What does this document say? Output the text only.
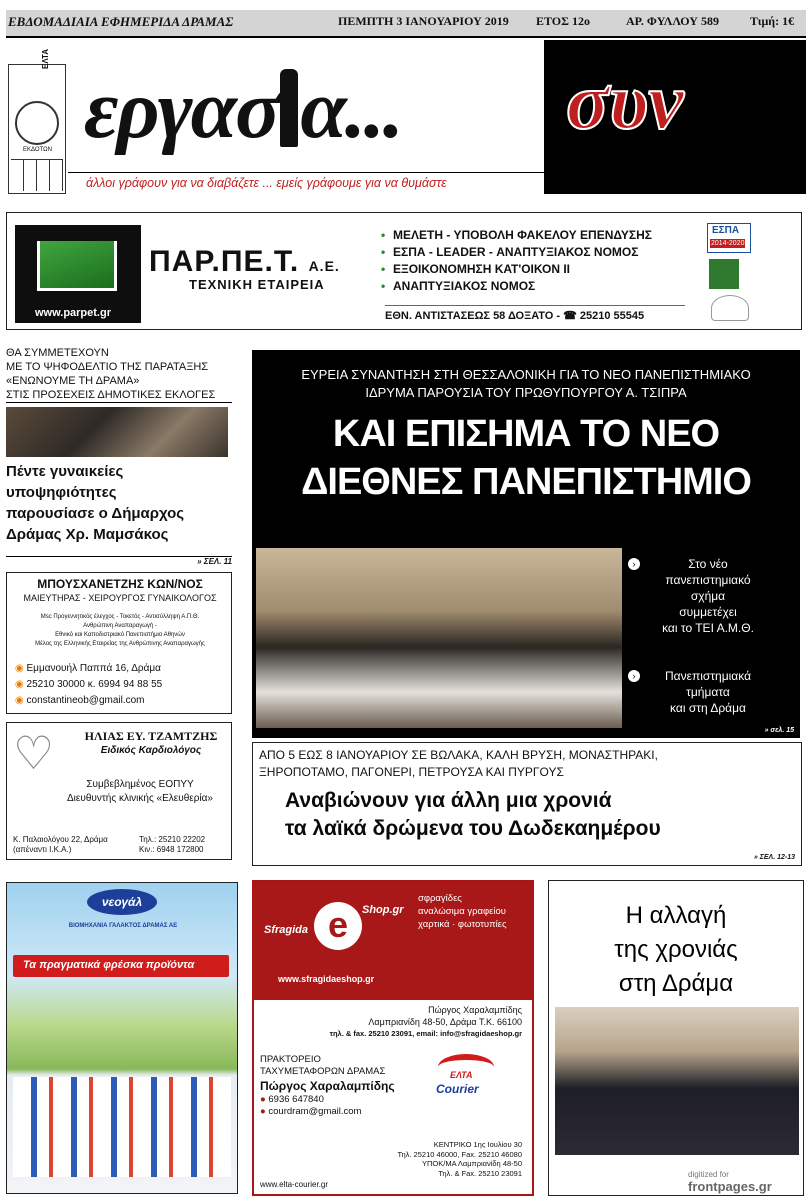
ΕΒΔΟΜΑΔΙΑΙΑ ΕΦΗΜΕΡΙΔΑ ΔΡΑΜΑΣ	ΠΕΜΠΤΗ 3 ΙΑΝΟΥΑΡΙΟΥ 2019 ΕΤΟΣ 12ο	ΑΡ. ΦΥΛΛΟΥ 589	Τιμή: 1€
ΕΛΤΑ
ΕΚΔΟΤΩΝ εργασ α...	συν
άλλοι γράφουν για να διαβάζετε ... εμείς γράφουμε για να θυμάστε
www.parpet.gr
ΠΑΡ.ΠΕ.Τ. Α.Ε.
ΤΕΧΝΙΚΗ ΕΤΑΙΡΕΙΑ
• ΜΕΛΕΤΗ - ΥΠΟΒΟΛΗ ΦΑΚΕΛΟΥ ΕΠΕΝΔΥΣΗΣ
• ΕΣΠΑ - LEADER - ΑΝΑΠΤΥΞΙΑΚΟΣ ΝΟΜΟΣ
• ΕΞΟΙΚΟΝΟΜΗΣΗ ΚΑΤ'ΟΙΚΟΝ ΙΙ
• ΑΝΑΠΤΥΞΙΑΚΟΣ ΝΟΜΟΣ
ΕΘΝ. ΑΝΤΙΣΤΑΣΕΩΣ 58 ΔΟΞΑΤΟ - ☎ 25210 55545
ΕΣΠΑ
2014-2020
ΘΑ ΣΥΜΜΕΤΕΧΟΥΝ
ΜΕ ΤΟ ΨΗΦΟΔΕΛΤΙΟ ΤΗΣ ΠΑΡΑΤΑΞΗΣ
«ΕΝΩΝΟΥΜΕ ΤΗ ΔΡΑΜΑ»
ΣΤΙΣ ΠΡΟΣΕΧΕΙΣ ΔΗΜΟΤΙΚΕΣ ΕΚΛΟΓΕΣ
Πέντε γυναικείες
υποψηφιότητες
παρουσίασε ο Δήμαρχος
Δράμας Χρ. Μαμσάκος
» ΣΕΛ. 11
ΜΠΟΥΣΧΑΝΕΤΖΗΣ ΚΩΝ/ΝΟΣ
ΜΑΙΕΥΤΗΡΑΣ - ΧΕΙΡΟΥΡΓΟΣ ΓΥΝΑΙΚΟΛΟΓΟΣ
Μsc Προγεννητικός έλεγχος - Τοκετός - Αντισύλληψη Α.Π.Θ.
Ανθρώπινη Αναπαραγωγή -
Εθνικό και Καποδιστριακό Πανεπιστήμιο Αθηνών
Μέλος της Ελληνικής Εταιρείας της Ανθρώπινης Αναπαραγωγής
◉ Εμμανουήλ Παππά 16, Δράμα
◉ 25210 30000 κ. 6994 94 88 55
◉ constantineob@gmail.com
♡	ΗΛΙΑΣ ΕΥ. ΤΖΑΜΤΖΗΣ
Ειδικός Καρδιολόγος
Συμβεβλημένος ΕΟΠΥΥ
Διευθυντής κλινικής «Ελευθερία»
Κ. Παλαιολόγου 22, Δράμα
(απέναντι Ι.Κ.Α.)
Τηλ.: 25210 22202
Κιν.: 6948 172800
ΕΥΡΕΙΑ ΣΥΝΑΝΤΗΣΗ ΣΤΗ ΘΕΣΣΑΛΟΝΙΚΗ ΓΙΑ ΤΟ ΝΕΟ ΠΑΝΕΠΙΣΤΗΜΙΑΚΟ
ΙΔΡΥΜΑ ΠΑΡΟΥΣΙΑ ΤΟΥ ΠΡΩΘΥΠΟΥΡΓΟΥ Α. ΤΣΙΠΡΑ
ΚΑΙ ΕΠΙΣΗΜΑ ΤΟ ΝΕΟ
ΔΙΕΘΝΕΣ ΠΑΝΕΠΙΣΤΗΜΙΟ
›	Στο νέο
πανεπιστημιακό
σχήμα
συμμετέχει
και το ΤΕΙ Α.Μ.Θ.
›	Πανεπιστημιακά
τμήματα
και στη Δράμα
» σελ. 15
ΑΠΟ 5 ΕΩΣ 8 ΙΑΝΟΥΑΡΙΟΥ ΣΕ ΒΩΛΑΚΑ, ΚΑΛΗ ΒΡΥΣΗ, ΜΟΝΑΣΤΗΡΑΚΙ,
ΞΗΡΟΠΟΤΑΜΟ, ΠΑΓΟΝΕΡΙ, ΠΕΤΡΟΥΣΑ ΚΑΙ ΠΥΡΓΟΥΣ
Αναβιώνουν για άλλη μια χρονιά
τα λαϊκά δρώμενα του Δωδεκαημέρου
» ΣΕΛ. 12-13
νεογάλ
ΒΙΟΜΗΧΑΝΙΑ ΓΑΛΑΚΤΟΣ ΔΡΑΜΑΣ ΑΕ
Τα πραγματικά φρέσκα προϊόντα
Sfragida e	Shop.gr
σφραγίδες
αναλώσιμα γραφείου
χαρτικά · φωτοτυπίες
www.sfragidaeshop.gr
Πώργος Χαραλαμπίδης
Λαμπριανίδη 48-50, Δράμα Τ.Κ. 66100
τηλ. & fax. 25210 23091, email: info@sfragidaeshop.gr
ΠΡΑΚΤΟΡΕΙΟ
ΤΑΧΥΜΕΤΑΦΟΡΩΝ ΔΡΑΜΑΣ
Πώργος Χαραλαμπίδης
● 6936 647840
● courdram@gmail.com
ΕΛΤΑ
Courier
ΚΕΝΤΡΙΚΟ 1ης Ιουλίου 30
Τηλ. 25210 46000, Fax. 25210 46080
ΥΠΟΚ/ΜΑ Λαμπριανίδη 48-50
Τηλ. & Fax. 25210 23091
www.elta-courier.gr
Η αλλαγή
της χρονιάς
στη Δράμα
digitized for
frontpages.gr
